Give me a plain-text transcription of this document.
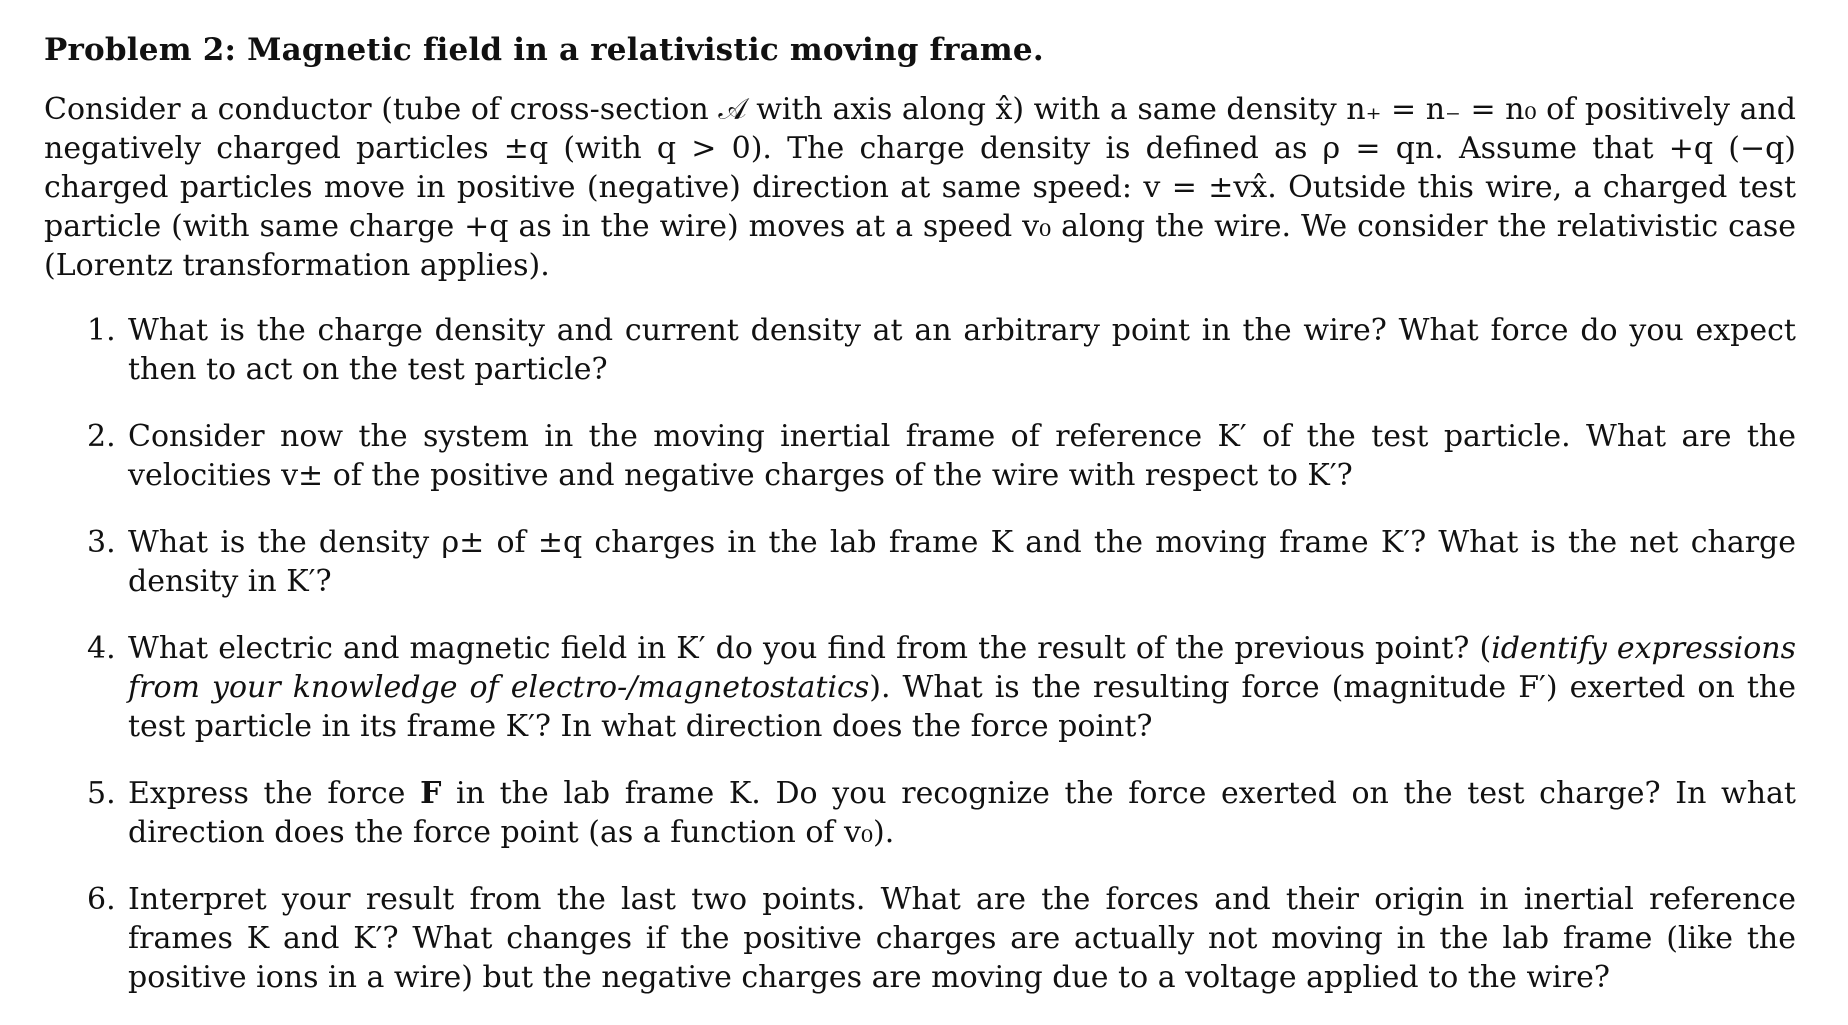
Problem 2: Magnetic field in a relativistic moving frame.

Consider a conductor (tube of cross-section 𝒜 with axis along x̂) with a same density n₊ = n₋ = n₀ of positively and negatively charged particles ±q (with q > 0). The charge density is defined as ρ = qn. Assume that +q (−q) charged particles move in positive (negative) direction at same speed: v = ±vx̂. Outside this wire, a charged test particle (with same charge +q as in the wire) moves at a speed v₀ along the wire. We consider the relativistic case (Lorentz transformation applies).

1. What is the charge density and current density at an arbitrary point in the wire? What force do you expect then to act on the test particle?
2. Consider now the system in the moving inertial frame of reference K′ of the test particle. What are the velocities v± of the positive and negative charges of the wire with respect to K′?
3. What is the density ρ± of ±q charges in the lab frame K and the moving frame K′? What is the net charge density in K′?
4. What electric and magnetic field in K′ do you find from the result of the previous point? (identify expressions from your knowledge of electro-/magnetostatics). What is the resulting force (magnitude F′) exerted on the test particle in its frame K′? In what direction does the force point?
5. Express the force F in the lab frame K. Do you recognize the force exerted on the test charge? In what direction does the force point (as a function of v₀).
6. Interpret your result from the last two points. What are the forces and their origin in inertial reference frames K and K′? What changes if the positive charges are actually not moving in the lab frame (like the positive ions in a wire) but the negative charges are moving due to a voltage applied to the wire?
